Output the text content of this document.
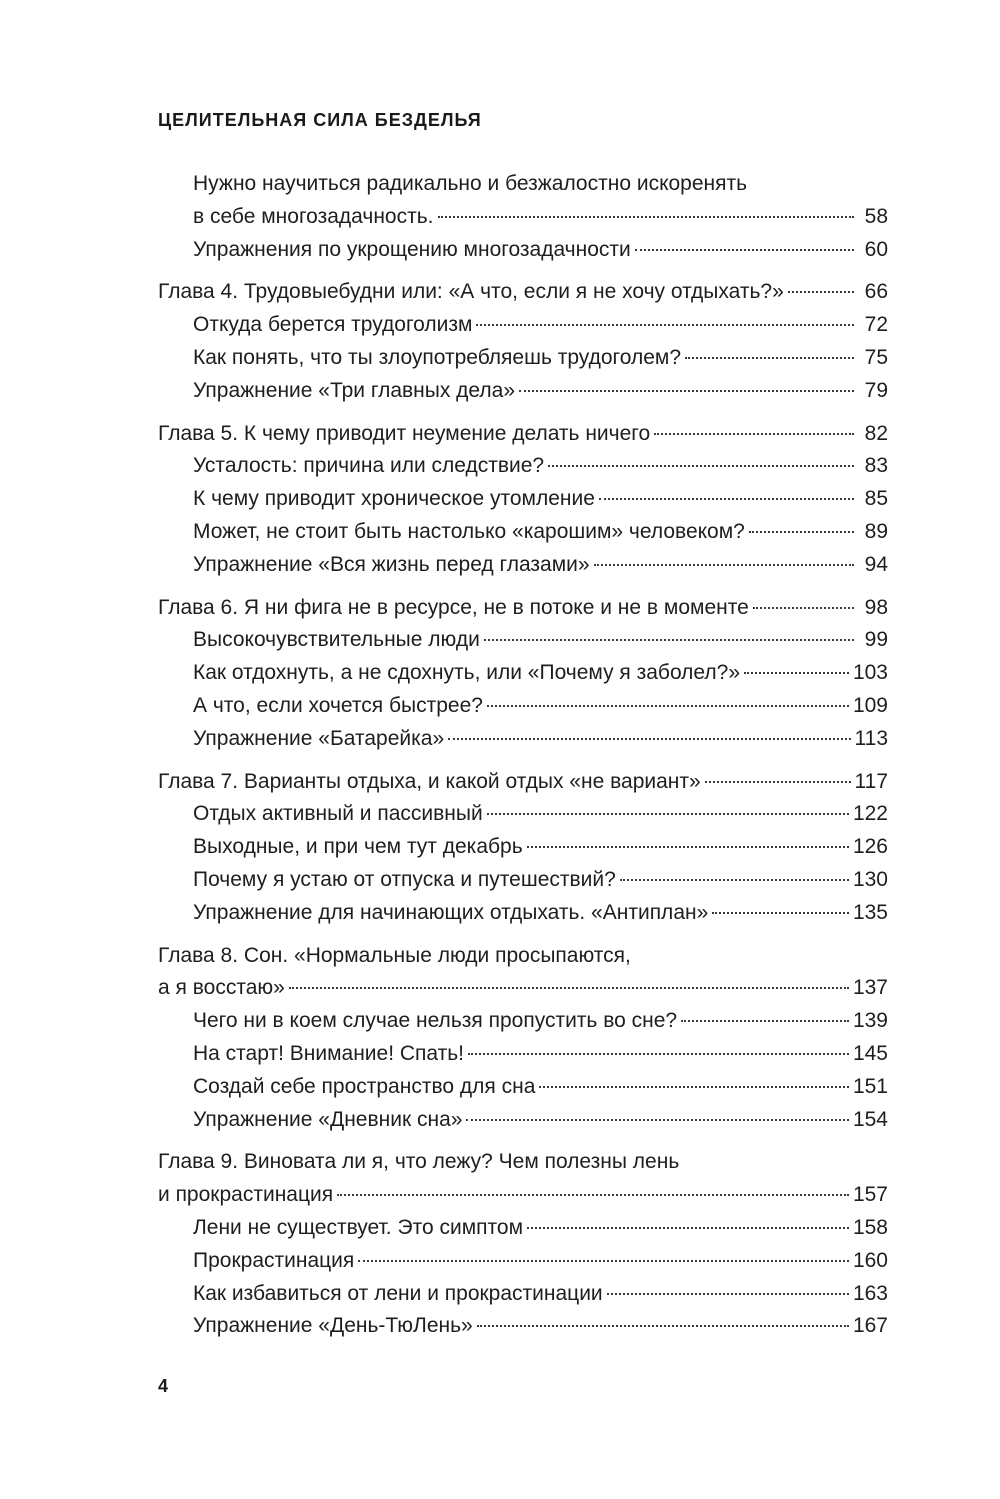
ЦЕЛИТЕЛЬНАЯ СИЛА БЕЗДЕЛЬЯ
Нужно научиться радикально и безжалостно искоренять
в себе многозадачность.	58
Упражнения по укрощению многозадачности	60
Глава 4. Трудовыебудни или: «А что, если я не хочу отдыхать?»	66
Откуда берется трудоголизм	72
Как понять, что ты злоупотребляешь трудоголем?	75
Упражнение «Три главных дела»	79
Глава 5. К чему приводит неумение делать ничего	82
Усталость: причина или следствие?	83
К чему приводит хроническое утомление	85
Может, не стоит быть настолько «карошим» человеком?	89
Упражнение «Вся жизнь перед глазами»	94
Глава 6. Я ни фига не в ресурсе, не в потоке и не в моменте	98
Высокочувствительные люди	99
Как отдохнуть, а не сдохнуть, или «Почему я заболел?»	103
А что, если хочется быстрее?	109
Упражнение «Батарейка»	113
Глава 7. Варианты отдыха, и какой отдых «не вариант»	117
Отдых активный и пассивный	122
Выходные, и при чем тут декабрь	126
Почему я устаю от отпуска и путешествий?	130
Упражнение для начинающих отдыхать. «Антиплан»	135
Глава 8. Сон. «Нормальные люди просыпаются,
а я восстаю»	137
Чего ни в коем случае нельзя пропустить во сне?	139
На старт! Внимание! Спать!	145
Создай себе пространство для сна	151
Упражнение «Дневник сна»	154
Глава 9. Виновата ли я, что лежу? Чем полезны лень
и прокрастинация	157
Лени не существует. Это симптом	158
Прокрастинация	160
Как избавиться от лени и прокрастинации	163
Упражнение «День-ТюЛень»	167
4
